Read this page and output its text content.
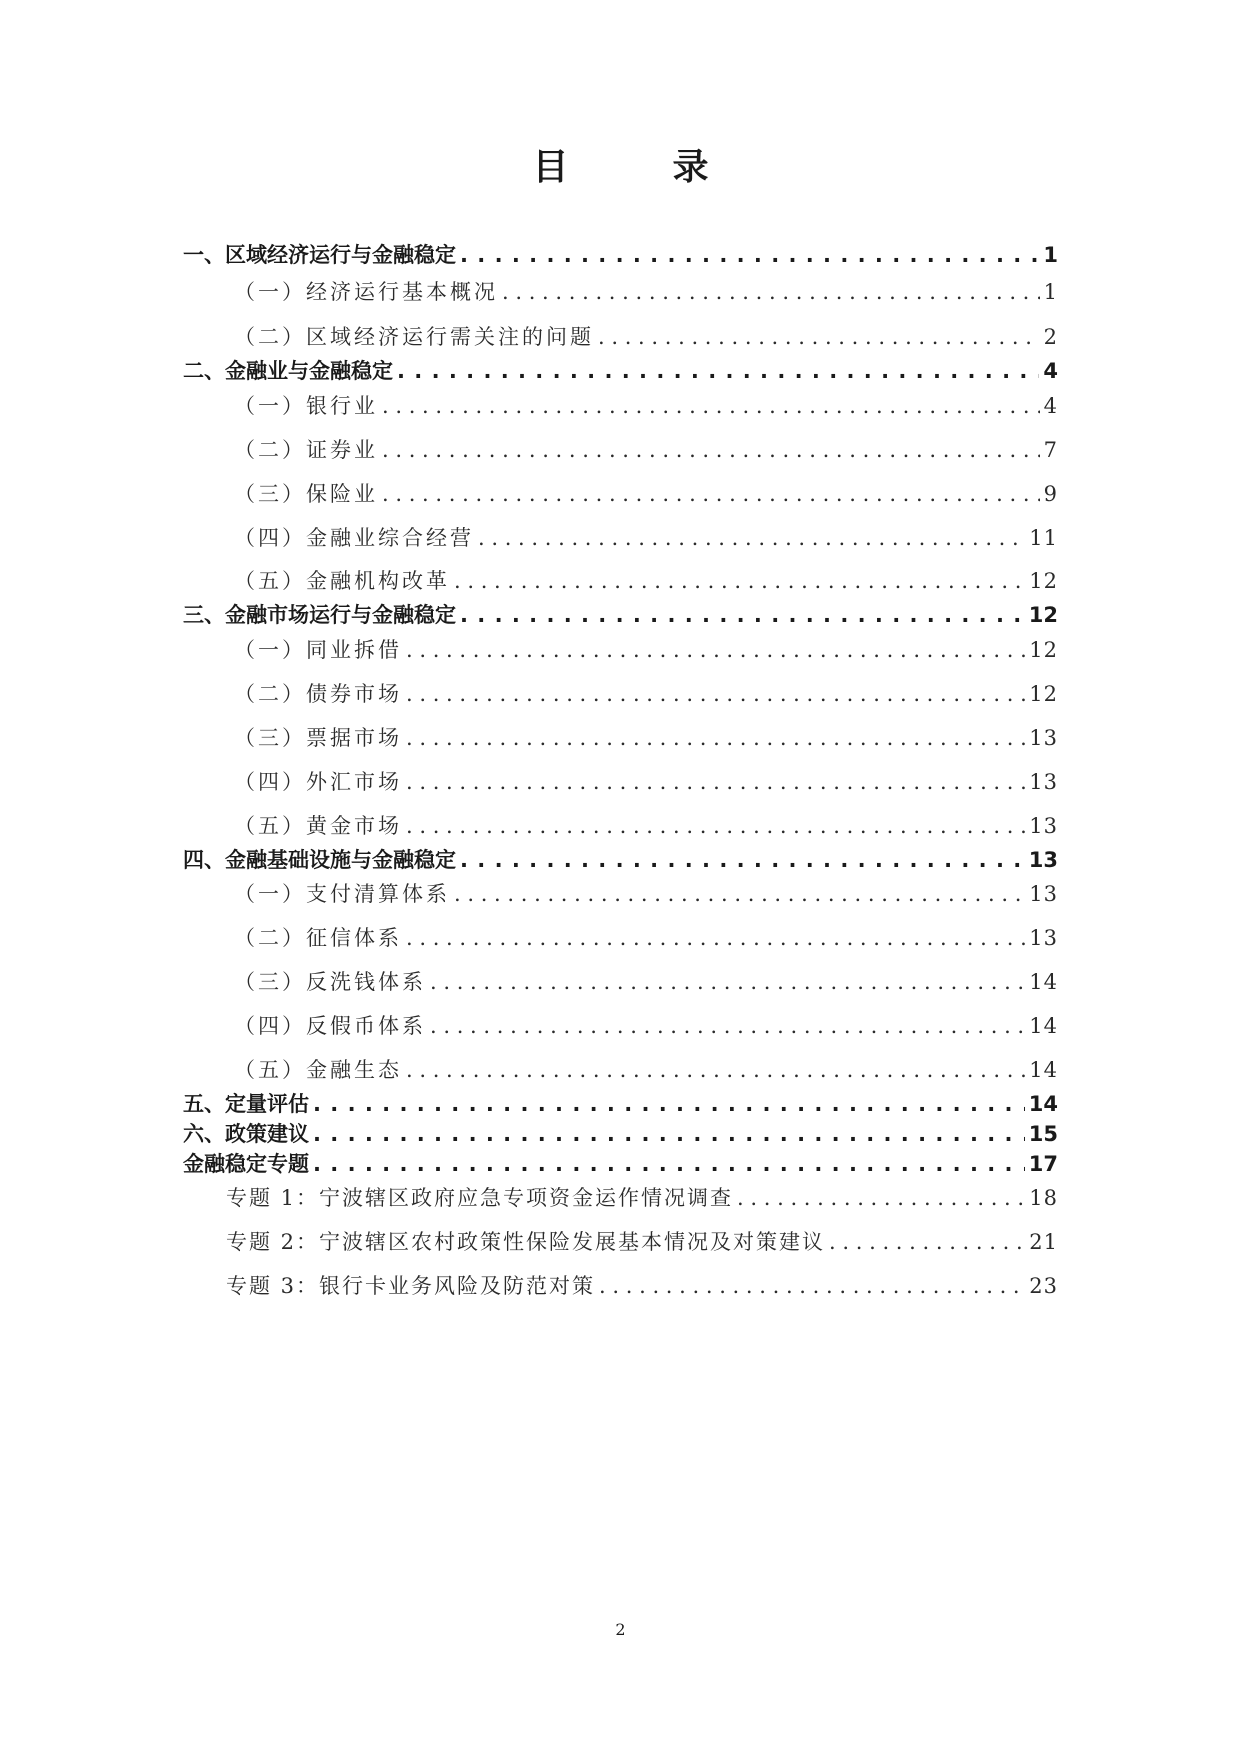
目　录
一、区域经济运行与金融稳定 . . .	1
（一）经济运行基本概况 . . .	1
（二）区域经济运行需关注的问题 . . .	2
二、金融业与金融稳定 . . .	4
（一）银行业 . . .	4
（二）证券业 . . .	7
（三）保险业 . . .	9
（四）金融业综合经营 . . .	11
（五）金融机构改革 . . .	12
三、金融市场运行与金融稳定 . . .	12
（一）同业拆借 . . .	12
（二）债券市场 . . .	12
（三）票据市场 . . .	13
（四）外汇市场 . . .	13
（五）黄金市场 . . .	13
四、金融基础设施与金融稳定 . . .	13
（一）支付清算体系 . . .	13
（二）征信体系 . . .	13
（三）反洗钱体系 . . .	14
（四）反假币体系 . . .	14
（五）金融生态 . . .	14
五、定量评估 . . .	14
六、政策建议 . . .	15
金融稳定专题 . . .	17
专题 1：宁波辖区政府应急专项资金运作情况调查 . . .	18
专题 2：宁波辖区农村政策性保险发展基本情况及对策建议 . . .	21
专题 3：银行卡业务风险及防范对策 . . .	23
2
